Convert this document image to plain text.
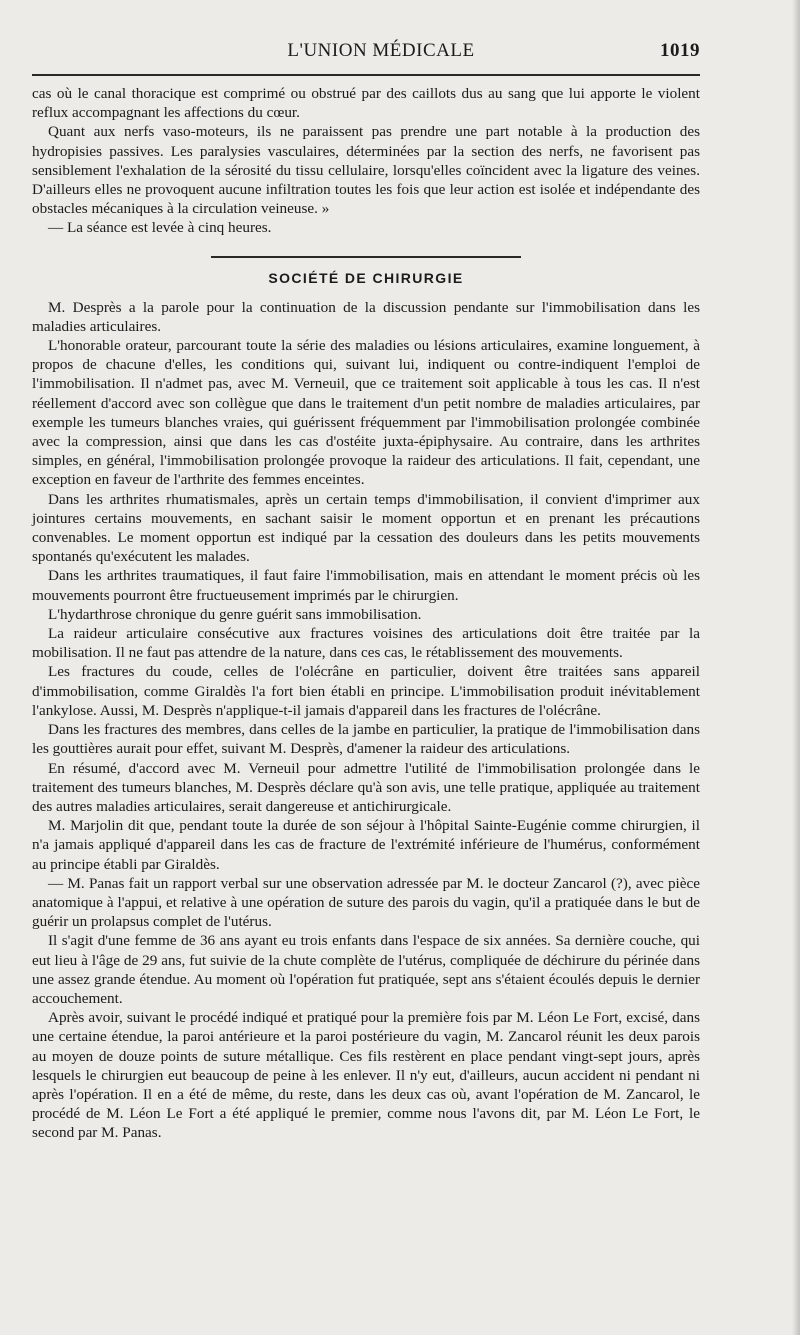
L'UNION MÉDICALE	1019

cas où le canal thoracique est comprimé ou obstrué par des caillots dus au sang que lui apporte le violent reflux accompagnant les affections du cœur.

Quant aux nerfs vaso-moteurs, ils ne paraissent pas prendre une part notable à la production des hydropisies passives. Les paralysies vasculaires, déterminées par la section des nerfs, ne favorisent pas sensiblement l'exhalation de la sérosité du tissu cellulaire, lorsqu'elles coïncident avec la ligature des veines. D'ailleurs elles ne provoquent aucune infiltration toutes les fois que leur action est isolée et indépendante des obstacles mécaniques à la circulation veineuse. »

— La séance est levée à cinq heures.

SOCIÉTÉ DE CHIRURGIE

M. Desprès a la parole pour la continuation de la discussion pendante sur l'immobilisation dans les maladies articulaires.

L'honorable orateur, parcourant toute la série des maladies ou lésions articulaires, examine longuement, à propos de chacune d'elles, les conditions qui, suivant lui, indiquent ou contre-indiquent l'emploi de l'immobilisation. Il n'admet pas, avec M. Verneuil, que ce traitement soit applicable à tous les cas. Il n'est réellement d'accord avec son collègue que dans le traitement d'un petit nombre de maladies articulaires, par exemple les tumeurs blanches vraies, qui guérissent fréquemment par l'immobilisation prolongée combinée avec la compression, ainsi que dans les cas d'ostéite juxta-épiphysaire. Au contraire, dans les arthrites simples, en général, l'immobilisation prolongée provoque la raideur des articulations. Il fait, cependant, une exception en faveur de l'arthrite des femmes enceintes.

Dans les arthrites rhumatismales, après un certain temps d'immobilisation, il convient d'imprimer aux jointures certains mouvements, en sachant saisir le moment opportun et en prenant les précautions convenables. Le moment opportun est indiqué par la cessation des douleurs dans les petits mouvements spontanés qu'exécutent les malades.

Dans les arthrites traumatiques, il faut faire l'immobilisation, mais en attendant le moment précis où les mouvements pourront être fructueusement imprimés par le chirurgien.

L'hydarthrose chronique du genre guérit sans immobilisation.

La raideur articulaire consécutive aux fractures voisines des articulations doit être traitée par la mobilisation. Il ne faut pas attendre de la nature, dans ces cas, le rétablissement des mouvements.

Les fractures du coude, celles de l'olécrâne en particulier, doivent être traitées sans appareil d'immobilisation, comme Giraldès l'a fort bien établi en principe. L'immobilisation produit inévitablement l'ankylose. Aussi, M. Desprès n'applique-t-il jamais d'appareil dans les fractures de l'olécrâne.

Dans les fractures des membres, dans celles de la jambe en particulier, la pratique de l'immobilisation dans les gouttières aurait pour effet, suivant M. Desprès, d'amener la raideur des articulations.

En résumé, d'accord avec M. Verneuil pour admettre l'utilité de l'immobilisation prolongée dans le traitement des tumeurs blanches, M. Desprès déclare qu'à son avis, une telle pratique, appliquée au traitement des autres maladies articulaires, serait dangereuse et antichirurgicale.

M. Marjolin dit que, pendant toute la durée de son séjour à l'hôpital Sainte-Eugénie comme chirurgien, il n'a jamais appliqué d'appareil dans les cas de fracture de l'extrémité inférieure de l'humérus, conformément au principe établi par Giraldès.

— M. Panas fait un rapport verbal sur une observation adressée par M. le docteur Zancarol (?), avec pièce anatomique à l'appui, et relative à une opération de suture des parois du vagin, qu'il a pratiquée dans le but de guérir un prolapsus complet de l'utérus.

Il s'agit d'une femme de 36 ans ayant eu trois enfants dans l'espace de six années. Sa dernière couche, qui eut lieu à l'âge de 29 ans, fut suivie de la chute complète de l'utérus, compliquée de déchirure du périnée dans une assez grande étendue. Au moment où l'opération fut pratiquée, sept ans s'étaient écoulés depuis le dernier accouchement.

Après avoir, suivant le procédé indiqué et pratiqué pour la première fois par M. Léon Le Fort, excisé, dans une certaine étendue, la paroi antérieure et la paroi postérieure du vagin, M. Zancarol réunit les deux parois au moyen de douze points de suture métallique. Ces fils restèrent en place pendant vingt-sept jours, après lesquels le chirurgien eut beaucoup de peine à les enlever. Il n'y eut, d'ailleurs, aucun accident ni pendant ni après l'opération. Il en a été de même, du reste, dans les deux cas où, avant l'opération de M. Zancarol, le procédé de M. Léon Le Fort a été appliqué le premier, comme nous l'avons dit, par M. Léon Le Fort, le second par M. Panas.
